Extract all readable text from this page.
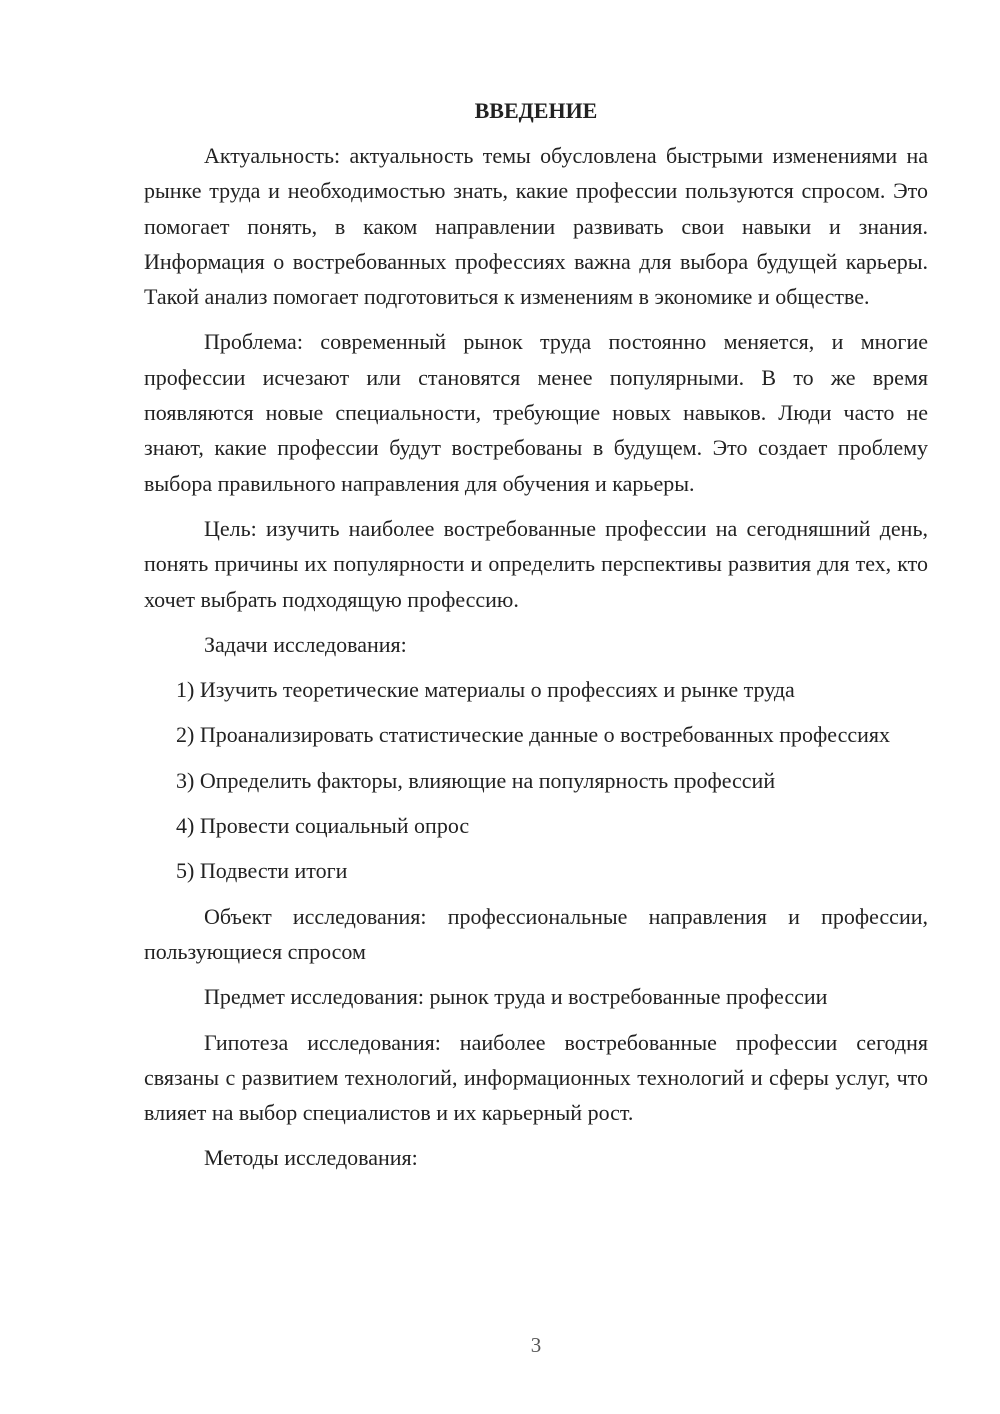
ВВЕДЕНИЕ

Актуальность: актуальность темы обусловлена быстрыми изменениями на рынке труда и необходимостью знать, какие профессии пользуются спросом. Это помогает понять, в каком направлении развивать свои навыки и знания. Информация о востребованных профессиях важна для выбора будущей карьеры. Такой анализ помогает подготовиться к изменениям в экономике и обществе.

Проблема: современный рынок труда постоянно меняется, и многие профессии исчезают или становятся менее популярными. В то же время появляются новые специальности, требующие новых навыков. Люди часто не знают, какие профессии будут востребованы в будущем. Это создает проблему выбора правильного направления для обучения и карьеры.

Цель: изучить наиболее востребованные профессии на сегодняшний день, понять причины их популярности и определить перспективы развития для тех, кто хочет выбрать подходящую профессию.

Задачи исследования:

1) Изучить теоретические материалы о профессиях и рынке труда

2) Проанализировать статистические данные о востребованных профессиях

3) Определить факторы, влияющие на популярность профессий

4) Провести социальный опрос

5) Подвести итоги

Объект исследования: профессиональные направления и профессии, пользующиеся спросом

Предмет исследования: рынок труда и востребованные профессии

Гипотеза исследования: наиболее востребованные профессии сегодня связаны с развитием технологий, информационных технологий и сферы услуг, что влияет на выбор специалистов и их карьерный рост.

Методы исследования:

3
